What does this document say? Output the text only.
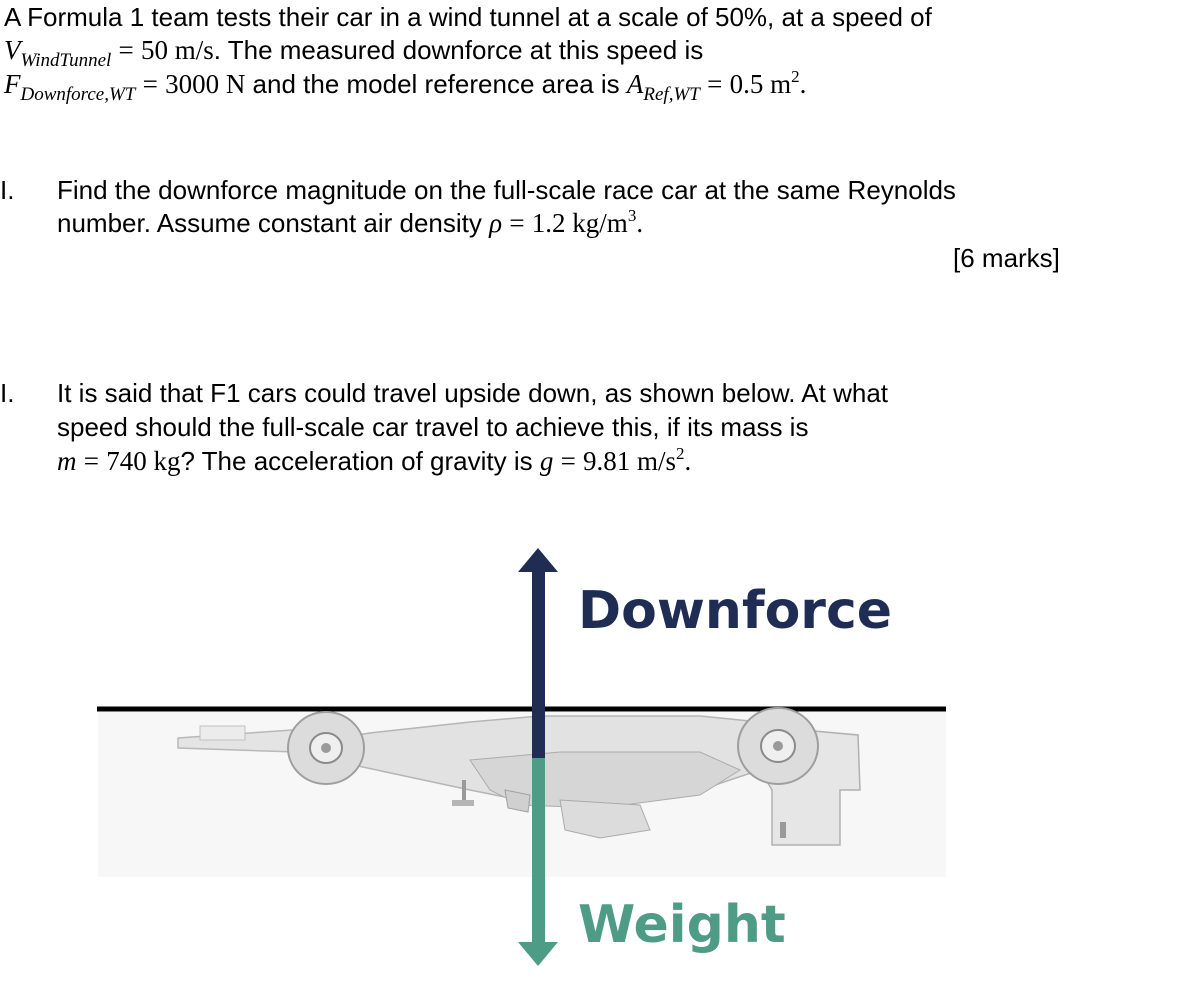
A Formula 1 team tests their car in a wind tunnel at a scale of 50%, at a speed of
$V_{WindTunnel} = 50$ m/s. The measured downforce at this speed is
$F_{Downforce,WT} = 3000$ N and the model reference area is $A_{Ref,WT} = 0.5$ $m^2$.
I. Find the downforce magnitude on the full-scale race car at the same Reynolds
number. Assume constant air density ρ = 1.2 $kg/m^3$.
[6 marks]
I. It is said that F1 cars could travel upside down, as shown below. At what
speed should the full-scale car travel to achieve this, if its mass is
m = 740 kg? The acceleration of gravity is g = 9.81 $m/s^2$.
Downforce
Weight
